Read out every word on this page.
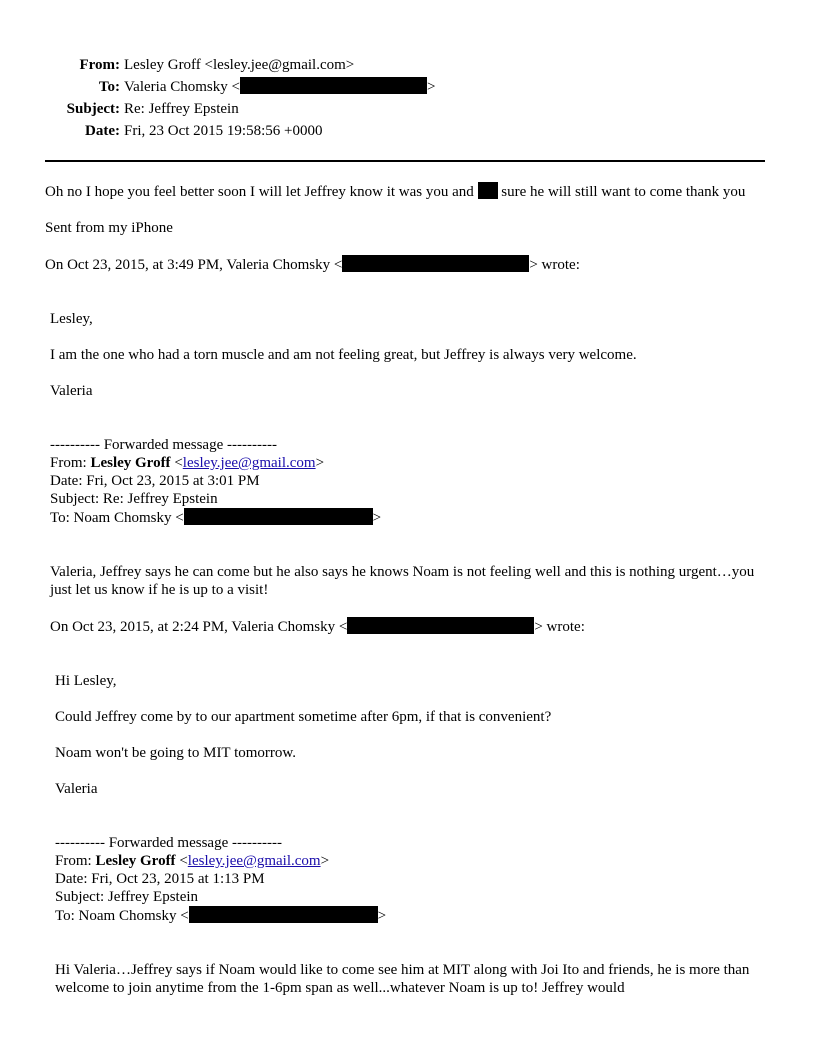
From: Lesley Groff <lesley.jee@gmail.com>
To: Valeria Chomsky <	>
Subject: Re: Jeffrey Epstein
Date: Fri, 23 Oct 2015 19:58:56 +0000

Oh no I hope you feel better soon I will let Jeffrey know it was you and  sure he will still want to come thank you

Sent from my iPhone

On Oct 23, 2015, at 3:49 PM, Valeria Chomsky <	> wrote:

Lesley,

I am the one who had a torn muscle and am not feeling great, but Jeffrey is always very welcome.

Valeria

---------- Forwarded message ----------

From: Lesley Groff <lesley.jee@gmail.com>

Date: Fri, Oct 23, 2015 at 3:01 PM

Subject: Re: Jeffrey Epstein

To: Noam Chomsky <	>

Valeria, Jeffrey says he can come but he also says he knows Noam is not feeling well and this is nothing urgent…you just let us know if he is up to a visit!

On Oct 23, 2015, at 2:24 PM, Valeria Chomsky <	> wrote:

Hi Lesley,

Could Jeffrey come by to our apartment sometime after 6pm, if that is convenient?

Noam won't be going to MIT tomorrow.

Valeria

---------- Forwarded message ----------

From: Lesley Groff <lesley.jee@gmail.com>

Date: Fri, Oct 23, 2015 at 1:13 PM

Subject: Jeffrey Epstein

To: Noam Chomsky <	>

Hi Valeria…Jeffrey says if Noam would like to come see him at MIT along with Joi Ito and friends, he is more than welcome to join anytime from the 1-6pm span as well...whatever Noam is up to! Jeffrey would
